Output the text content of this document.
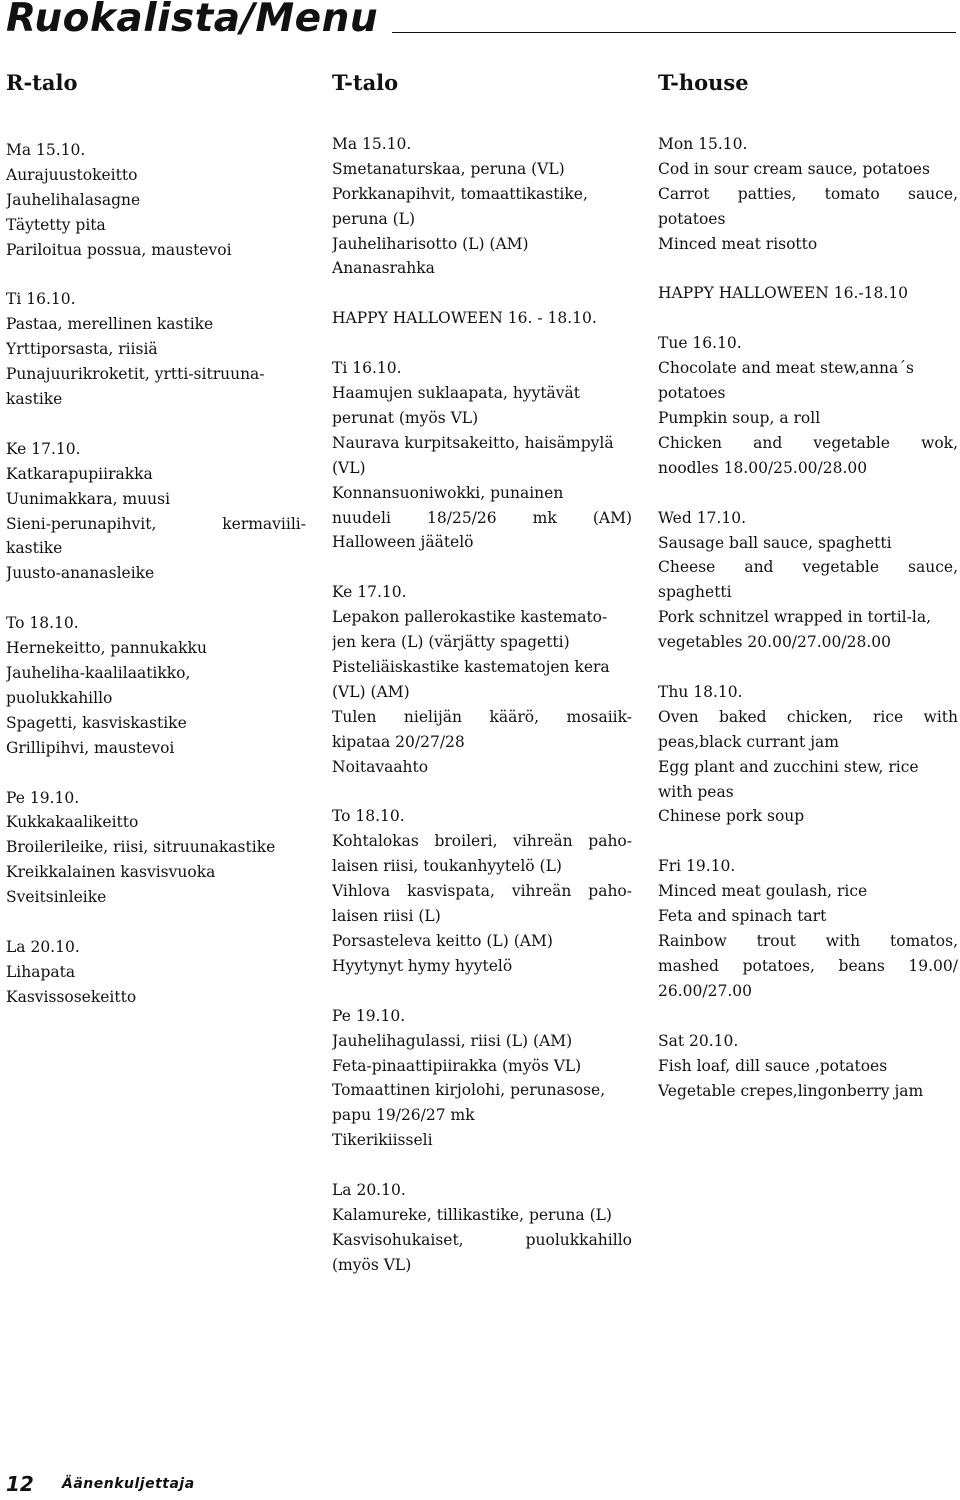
Ruokalista/Menu
R-talo
Ma 15.10.
Aurajuustokeitto
Jauhelihalasagne
Täytetty pita
Pariloitua possua, maustevoi
Ti 16.10.
Pastaa, merellinen kastike
Yrttiporsasta, riisiä
Punajuurikroketit, yrtti-sitruuna-
kastike
Ke 17.10.
Katkarapupiirakka
Uunimakkara, muusi
Sieni-perunapihvit, kermaviili-
kastike
Juusto-ananasleike
To 18.10.
Hernekeitto, pannukakku
Jauheliha-kaalilaatikko,
puolukkahillo
Spagetti, kasviskastike
Grillipihvi, maustevoi
Pe 19.10.
Kukkakaalikeitto
Broilerileike, riisi, sitruunakastike
Kreikkalainen kasvisvuoka
Sveitsinleike
La 20.10.
Lihapata
Kasvissosekeitto
T-talo
Ma 15.10.
Smetanaturskaa, peruna (VL)
Porkkanapihvit, tomaattikastike,
peruna (L)
Jauheliharisotto (L) (AM)
Ananasrahka
HAPPY HALLOWEEN 16. - 18.10.
Ti 16.10.
Haamujen suklaapata, hyytävät
perunat (myös VL)
Naurava kurpitsakeitto, haisämpylä
(VL)
Konnansuoniwokki, punainen
nuudeli 18/25/26 mk (AM)
Halloween jäätelö
Ke 17.10.
Lepakon pallerokastike kastemato-
jen kera (L) (värjätty spagetti)
Pisteliäiskastike kastematojen kera
(VL) (AM)
Tulen nielijän käärö, mosaiik-
kipataa 20/27/28
Noitavaahto
To 18.10.
Kohtalokas broileri, vihreän paho-
laisen riisi, toukanhyytelö (L)
Vihlova kasvispata, vihreän paho-
laisen riisi (L)
Porsasteleva keitto (L) (AM)
Hyytynyt hymy hyytelö
Pe 19.10.
Jauhelihagulassi, riisi (L) (AM)
Feta-pinaattipiirakka (myös VL)
Tomaattinen kirjolohi, perunasose,
papu 19/26/27 mk
Tikerikiisseli
La 20.10.
Kalamureke, tillikastike, peruna (L)
Kasvisohukaiset, puolukkahillo
(myös VL)
T-house
Mon 15.10.
Cod in sour cream sauce, potatoes
Carrot patties, tomato sauce,
potatoes
Minced meat risotto
HAPPY HALLOWEEN 16.-18.10
Tue 16.10.
Chocolate and meat stew,anna´s
potatoes
Pumpkin soup, a roll
Chicken and vegetable wok,
noodles 18.00/25.00/28.00
Wed 17.10.
Sausage ball sauce, spaghetti
Cheese and vegetable sauce,
spaghetti
Pork schnitzel wrapped in tortil-la,
vegetables 20.00/27.00/28.00
Thu 18.10.
Oven baked chicken, rice with
peas,black currant jam
Egg plant and zucchini stew, rice
with peas
Chinese pork soup
Fri 19.10.
Minced meat goulash, rice
Feta and spinach tart
Rainbow trout with tomatos,
mashed potatoes, beans 19.00/
26.00/27.00
Sat 20.10.
Fish loaf, dill sauce ,potatoes
Vegetable crepes,lingonberry jam
12 Äänenkuljettaja
